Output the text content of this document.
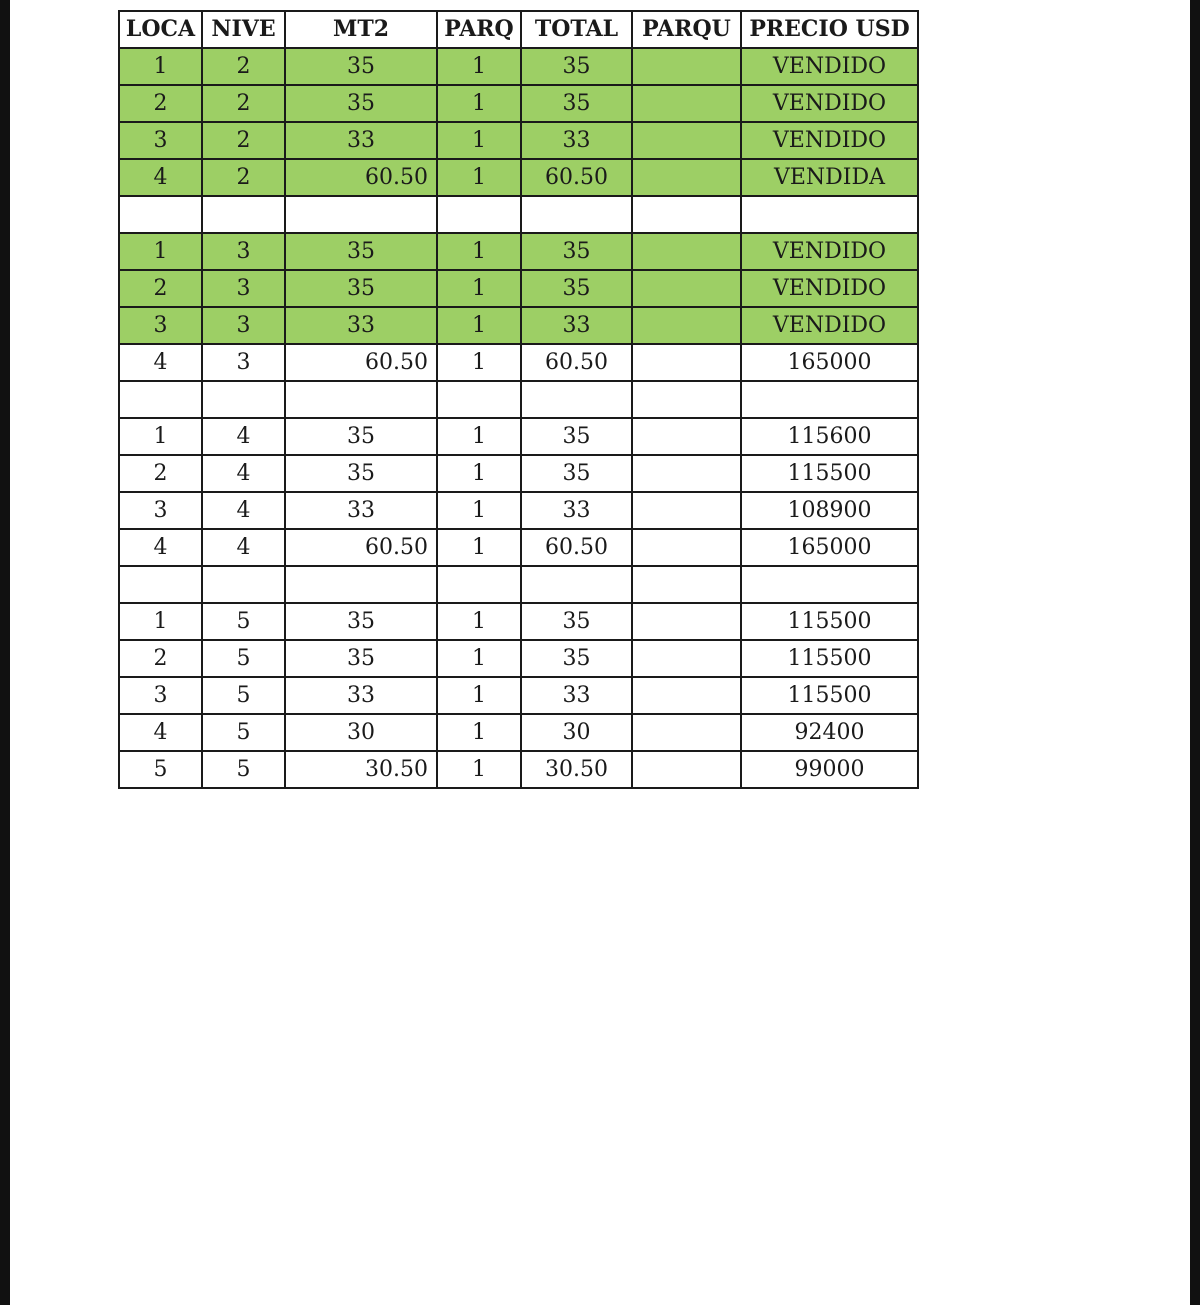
LOCA	NIVE	MT2	PARQ	TOTAL	PARQU	PRECIO USD
1	2	35	1	35		VENDIDO
2	2	35	1	35		VENDIDO
3	2	33	1	33		VENDIDO
4	2	60.50	1	60.50		VENDIDA

1	3	35	1	35		VENDIDO
2	3	35	1	35		VENDIDO
3	3	33	1	33		VENDIDO
4	3	60.50	1	60.50		165000

1	4	35	1	35		115600
2	4	35	1	35		115500
3	4	33	1	33		108900
4	4	60.50	1	60.50		165000

1	5	35	1	35		115500
2	5	35	1	35		115500
3	5	33	1	33		115500
4	5	30	1	30		92400
5	5	30.50	1	30.50		99000
